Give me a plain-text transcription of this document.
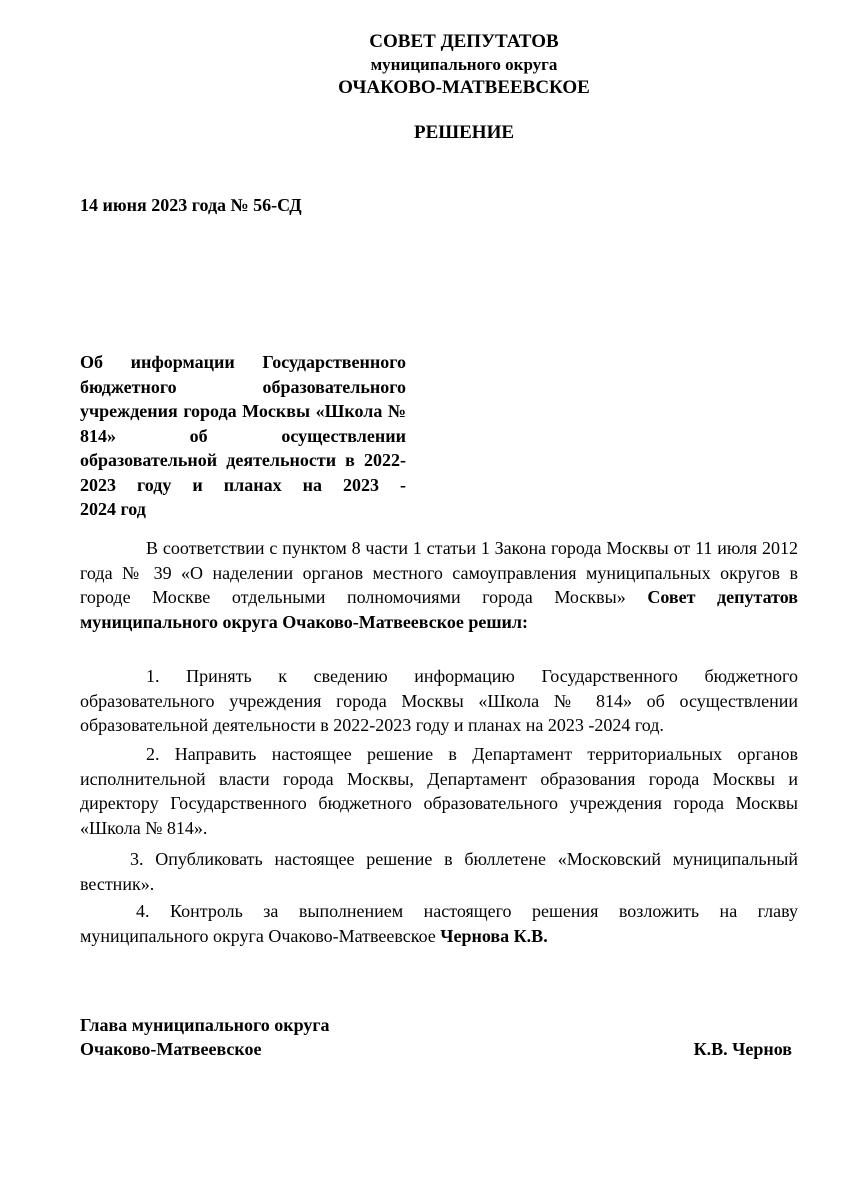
СОВЕТ ДЕПУТАТОВ
муниципального округа
ОЧАКОВО-МАТВЕЕВСКОЕ
РЕШЕНИЕ
14 июня 2023 года № 56-СД
Об информации Государственного бюджетного образовательного учреждения города Москвы «Школа № 814» об осуществлении образовательной деятельности в 2022-2023 году и планах на 2023 -
2024 год
В соответствии с пунктом 8 части 1 статьи 1 Закона города Москвы от 11 июля 2012 года № 39 «О наделении органов местного самоуправления муниципальных округов в городе Москве отдельными полномочиями города Москвы» Совет депутатов муниципального округа Очаково-Матвеевское решил:
1. Принять к сведению информацию Государственного бюджетного образовательного учреждения города Москвы «Школа № 814» об осуществлении образовательной деятельности в 2022-2023 году и планах на 2023 -2024 год.
2. Направить настоящее решение в Департамент территориальных органов исполнительной власти города Москвы, Департамент образования города Москвы и директору Государственного бюджетного образовательного учреждения города Москвы «Школа № 814».
3. Опубликовать настоящее решение в бюллетене «Московский муниципальный вестник».
4. Контроль за выполнением настоящего решения возложить на главу муниципального округа Очаково-Матвеевское Чернова К.В.
Глава муниципального округа
Очаково-Матвеевское	К.В. Чернов
